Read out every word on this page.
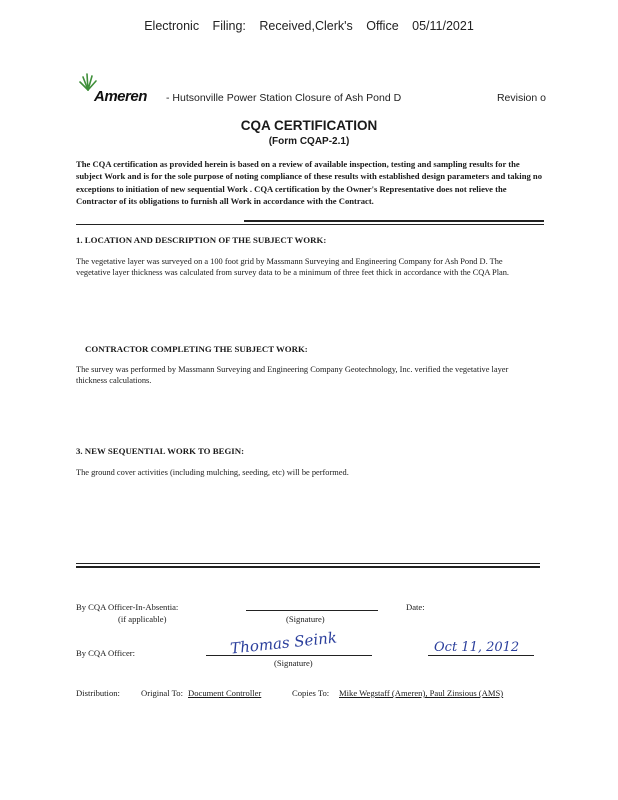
Electronic Filing: Received,Clerk's Office 05/11/2021
Ameren - Hutsonville Power Station Closure of Ash Pond D	Revision o
CQA CERTIFICATION
(Form CQAP-2.1)
The CQA certification as provided herein is based on a review of available inspection, testing and sampling results for the subject Work and is for the sole purpose of noting compliance of these results with established design parameters and taking no exceptions to initiation of new sequential Work . CQA certification by the Owner's Representative does not relieve the Contractor of its obligations to furnish all Work in accordance with the Contract.
1. LOCATION AND DESCRIPTION OF THE SUBJECT WORK:
The vegetative layer was surveyed on a 100 foot grid by Massmann Surveying and Engineering Company for Ash Pond D. The vegetative layer thickness was calculated from survey data to be a minimum of three feet thick in accordance with the CQA Plan.
CONTRACTOR COMPLETING THE SUBJECT WORK:
The survey was performed by Massmann Surveying and Engineering Company Geotechnology, Inc. verified the vegetative layer thickness calculations.
3. NEW SEQUENTIAL WORK TO BEGIN:
The ground cover activities (including mulching, seeding, etc) will be performed.
By CQA Officer-In-Absentia:
(if applicable)	(Signature)
Date:
By CQA Officer:	Thomas Seink
(Signature)
Oct 11, 2012
Distribution: Original To: Document Controller	Copies To: Mike Wegstaff (Ameren), Paul Zinsious (AMS)
